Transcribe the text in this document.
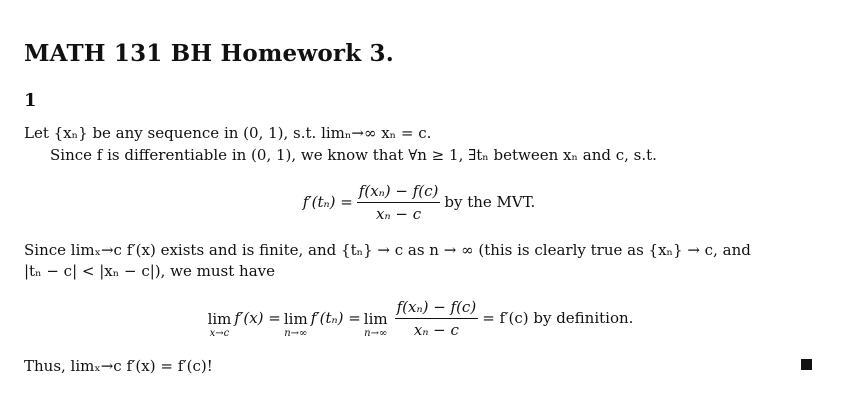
MATH 131 BH Homework 3.
1
Let {xₙ} be any sequence in (0, 1), s.t. limₙ→∞ xₙ = c.
Since f is differentiable in (0, 1), we know that ∀n ≥ 1, ∃tₙ between xₙ and c, s.t.
$f'(t_n) = \frac{\text{f(xₙ) − f(c)}}{\text{xₙ − c}}$ by the MVT.
Since limₓ→c f′(x) exists and is finite, and {tₙ} → c as n → ∞ (this is clearly true as {xₙ} → c, and
|tₙ − c| < |xₙ − c|), we must have
lim
x→c
f′(x) = lim
n→∞
f′(tₙ) = lim
$n\to\infty \frac{\text{f(xₙ) − f(c)}}{\text{xₙ − c}} = f'(c)$ by definition.
Thus, limₓ→c f′(x) = f′(c)!
